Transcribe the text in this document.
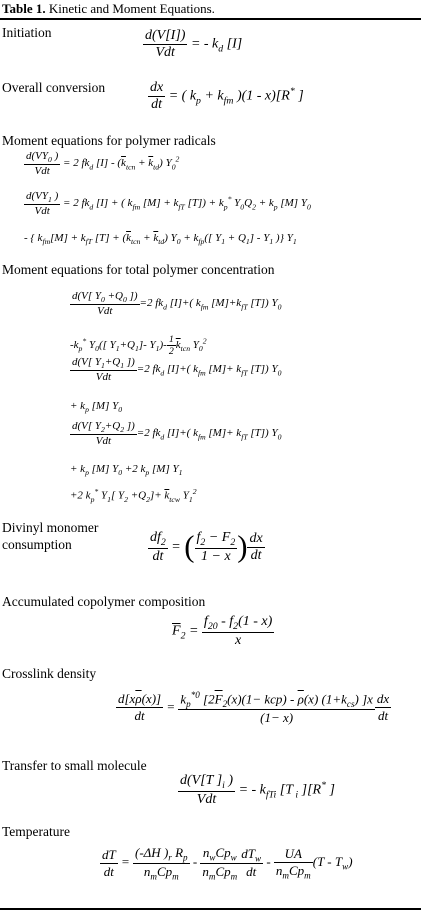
Table 1. Kinetic and Moment Equations.
Initiation	$\frac{d(V[I])}{\text{Vdt}}$ = - $k_d$ [I]
Overall conversion	$\frac{dx}{dt}$ = ( $k_p + k_{fm}$ )(1 - x)[R* ]
Moment equations for polymer radicals
$\frac{d(VY_0 )}{\text{Vdt}} = 2$ $fk_d$ $[I] - (\overline{k}_{tcn} + \overline{k}_{td})$ $Y_0^2$
$\frac{d(VY_1 )}{\text{Vdt}} = 2$ $fk_d$ [I] + ( $k_{fm}$ $[M] + k_{fT}$ $[T]) + k_p^*$ $Y_0Q_2 + k_p$ [M] $Y_0$
- { $k_{fm}[M] + k_{fT}$ $[T] + (\overline{k}_{tcn} + \overline{k}_{td}) Y_0 + k_{fp}$([ $Y_1 + Q_1] - Y_1$ )} $Y_1$
Moment equations for total polymer concentration
$\frac{d(V[ Y_0 +Q_0 ])}{\text{Vdt}} =2$ $fk_d$ [I]+( $k_{fm}$ $[M]+k_{fT}$ [T]) $Y_0$
$-k_p^*$ $Y_0$([ $Y_1+Q_1]-$ $Y_1)- \frac{1}{2} \overline{k}_{tcn}$ $Y_0^2$
$\frac{d(V[ Y_1+Q_1 ])}{\text{Vdt}} =2$ $fk_d$ [I]+( $k_{fm}$ $[M]+ k_{fT}$ [T]) $Y_0$
+ $k_p$ [M] $Y_0$
$\frac{d(V[ Y_2+Q_2 ])}{\text{Vdt}} =2$ $fk_d$ [I]+( $k_{fm}$ $[M]+ k_{fT}$ [T]) $Y_0$
+ $k_p$ [M] $Y_0 +2$ $k_p$ [M] $Y_1$
+2 $k_p^*$ $Y_1$[ $Y_2 +Q_2]+ \overline{k}_{tcw}$ $Y_1^2$
Divinyl monomer
consumption	$\frac{df_2}{dt}$ = ( $\frac{f_2 - F_2}{1 - x}$ ) $\frac{dx}{dt}$
Accumulated copolymer composition
$\overline{F}_2 = \frac{f_{20} - f_2(1 - x)}{x}$
Crosslink density
$\frac{d[x\overline{\rho}(x)]}{dt} = \frac{k_p^{*0} [2\overline{F}_2(x)(1- kcp) - \overline{\rho}(x) (1+k_{cs}) ]x}{(1- x)} \frac{dx}{dt}$
Transfer to small molecule
$\frac{d(V[T ]_i )}{\text{Vdt}}$ = - $k_{fTi}$ [T $_i$ ][R* ]
Temperature
$\frac{dT}{dt} = \frac{(-\Delta H )_r R_p}{n_mCp_m} - \frac{n_wCp_w}{n_mCp_m} \frac{dT_w}{dt} - \frac{UA}{n_mCp_m} (T - T_w)$
